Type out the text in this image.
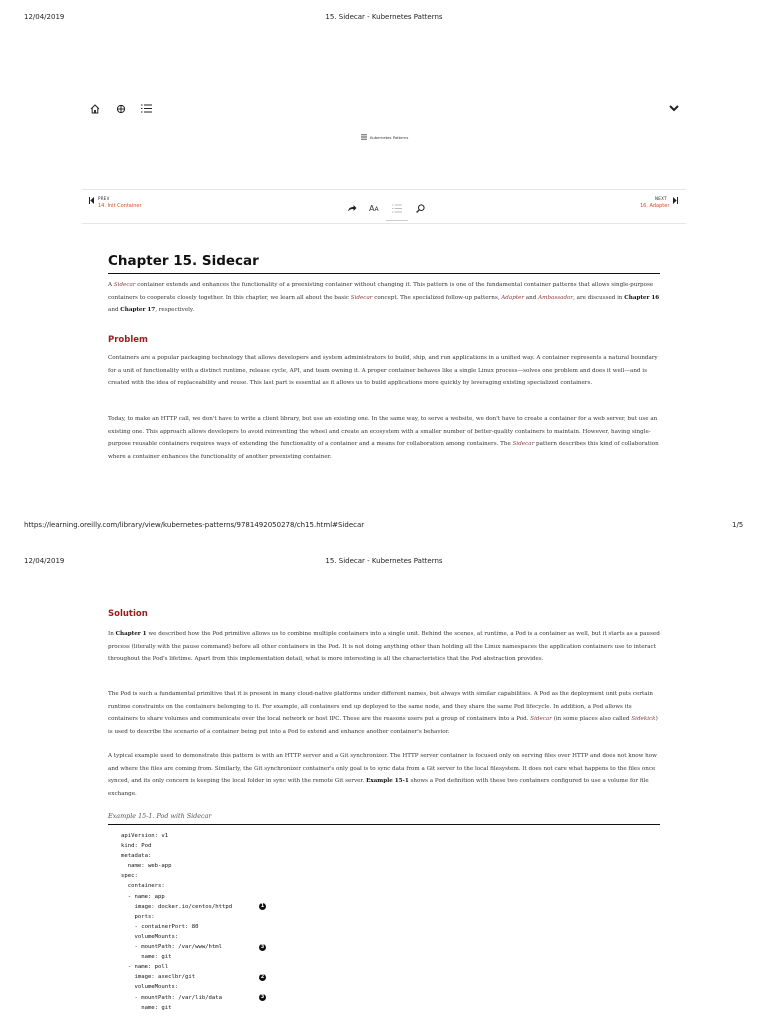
12/04/2019	15. Sidecar - Kubernetes Patterns
Kubernetes Patterns
PREV
14. Init Container
NEXT
16. Adapter
AA
Chapter 15. Sidecar
A Sidecar container extends and enhances the functionality of a preexisting container without changing it. This pattern is one of the fundamental container patterns that allows single-purpose containers to cooperate closely together. In this chapter, we learn all about the basic Sidecar concept. The specialized follow-up patterns, Adapter and Ambassador, are discussed in Chapter 16 and Chapter 17, respectively.
Problem
Containers are a popular packaging technology that allows developers and system administrators to build, ship, and run applications in a unified way. A container represents a natural boundary for a unit of functionality with a distinct runtime, release cycle, API, and team owning it. A proper container behaves like a single Linux process—solves one problem and does it well—and is created with the idea of replaceability and reuse. This last part is essential as it allows us to build applications more quickly by leveraging existing specialized containers.
Today, to make an HTTP call, we don't have to write a client library, but use an existing one. In the same way, to serve a website, we don't have to create a container for a web server, but use an existing one. This approach allows developers to avoid reinventing the wheel and create an ecosystem with a smaller number of better-quality containers to maintain. However, having single-purpose reusable containers requires ways of extending the functionality of a container and a means for collaboration among containers. The Sidecar pattern describes this kind of collaboration where a container enhances the functionality of another preexisting container.
https://learning.oreilly.com/library/view/kubernetes-patterns/9781492050278/ch15.html#Sidecar	1/5
12/04/2019	15. Sidecar - Kubernetes Patterns
Solution
In Chapter 1 we described how the Pod primitive allows us to combine multiple containers into a single unit. Behind the scenes, at runtime, a Pod is a container as well, but it starts as a paused process (literally with the pause command) before all other containers in the Pod. It is not doing anything other than holding all the Linux namespaces the application containers use to interact throughout the Pod's lifetime. Apart from this implementation detail, what is more interesting is all the characteristics that the Pod abstraction provides.
The Pod is such a fundamental primitive that it is present in many cloud-native platforms under different names, but always with similar capabilities. A Pod as the deployment unit puts certain runtime constraints on the containers belonging to it. For example, all containers end up deployed to the same node, and they share the same Pod lifecycle. In addition, a Pod allows its containers to share volumes and communicate over the local network or host IPC. These are the reasons users put a group of containers into a Pod. Sidecar (in some places also called Sidekick) is used to describe the scenario of a container being put into a Pod to extend and enhance another container's behavior.
A typical example used to demonstrate this pattern is with an HTTP server and a Git synchronizer. The HTTP server container is focused only on serving files over HTTP and does not know how and where the files are coming from. Similarly, the Git synchronizer container's only goal is to sync data from a Git server to the local filesystem. It does not care what happens to the files once synced, and its only concern is keeping the local folder in sync with the remote Git server. Example 15-1 shows a Pod definition with these two containers configured to use a volume for file exchange.
Example 15-1. Pod with Sidecar
apiVersion: v1
kind: Pod
metadata:
name: web-app
spec:
containers:
- name: app
image: docker.io/centos/httpd	1
ports:
- containerPort: 80
volumeMounts:
- mountPath: /var/www/html	3
name: git
- name: poll
image: axeclbr/git	2
volumeMounts:
- mountPath: /var/lib/data	3
name: git
